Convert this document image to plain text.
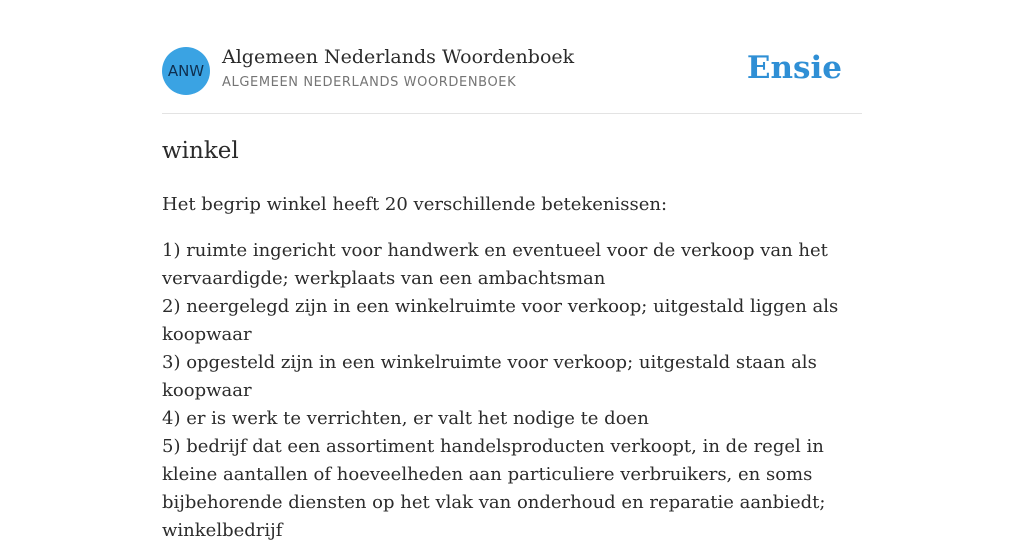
ANW
Algemeen Nederlands Woordenboek
ALGEMEEN NEDERLANDS WOORDENBOEK	Ensie
winkel

Het begrip winkel heeft 20 verschillende betekenissen:

1) ruimte ingericht voor handwerk en eventueel voor de verkoop van het vervaardigde; werkplaats van een ambachtsman
2) neergelegd zijn in een winkelruimte voor verkoop; uitgestald liggen als koopwaar
3) opgesteld zijn in een winkelruimte voor verkoop; uitgestald staan als koopwaar
4) er is werk te verrichten, er valt het nodige te doen
5) bedrijf dat een assortiment handelsproducten verkoopt, in de regel in kleine aantallen of hoeveelheden aan particuliere verbruikers, en soms bijbehorende diensten op het vlak van onderhoud en reparatie aanbiedt; winkelbedrijf
